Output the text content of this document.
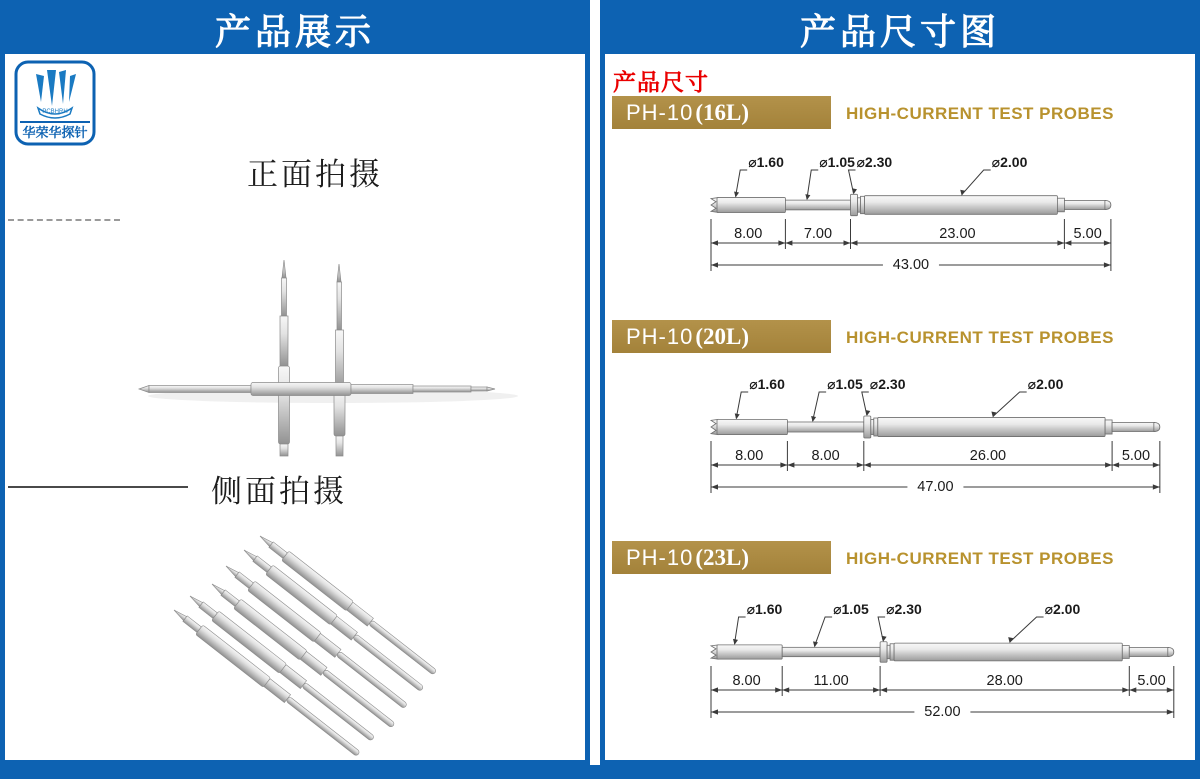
产品展示
PCBHRH
华荣华探针
正面拍摄
侧面拍摄
产品尺寸图
产品尺寸
PH-10 (16L)	HIGH-CURRENT TEST PROBES
⌀1.60	⌀1.05 ⌀2.30	⌀2.00
8.00	7.00	23.00	5.00
43.00
PH-10 (20L)	HIGH-CURRENT TEST PROBES
⌀1.60	⌀1.05 ⌀2.30	⌀2.00
8.00	8.00	26.00	5.00
47.00
PH-10 (23L)	HIGH-CURRENT TEST PROBES
⌀1.60	⌀1.05 ⌀2.30	⌀2.00
8.00	11.00	28.00	5.00
52.00
